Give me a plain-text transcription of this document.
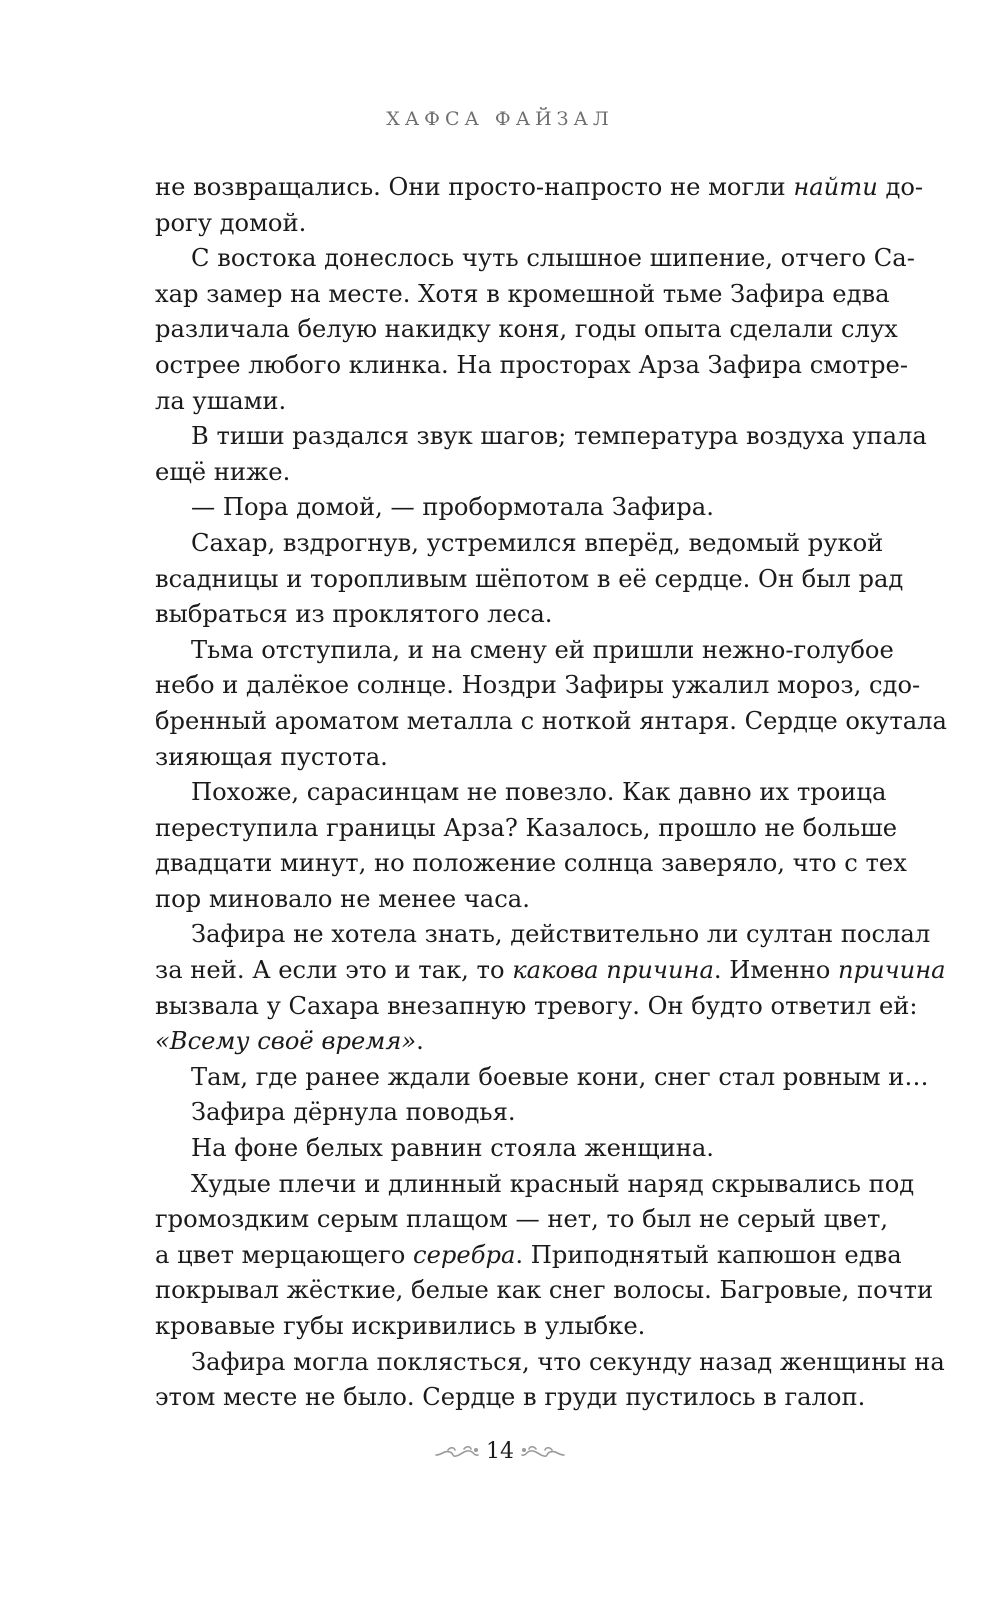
ХАФСА ФАЙЗАЛ
не возвращались. Они просто-напросто не могли найти до-
рогу домой.
С востока донеслось чуть слышное шипение, отчего Са-
хар замер на месте. Хотя в кромешной тьме Зафира едва
различала белую накидку коня, годы опыта сделали слух
острее любого клинка. На просторах Арза Зафира смотре-
ла ушами.
В тиши раздался звук шагов; температура воздуха упала
ещё ниже.
— Пора домой, — пробормотала Зафира.
Сахар, вздрогнув, устремился вперёд, ведомый рукой
всадницы и торопливым шёпотом в её сердце. Он был рад
выбраться из проклятого леса.
Тьма отступила, и на смену ей пришли нежно-голубое
небо и далёкое солнце. Ноздри Зафиры ужалил мороз, сдо-
бренный ароматом металла с ноткой янтаря. Сердце окутала
зияющая пустота.
Похоже, сарасинцам не повезло. Как давно их троица
переступила границы Арза? Казалось, прошло не больше
двадцати минут, но положение солнца заверяло, что с тех
пор миновало не менее часа.
Зафира не хотела знать, действительно ли султан послал
за ней. А если это и так, то какова причина. Именно причина
вызвала у Сахара внезапную тревогу. Он будто ответил ей:
«Всему своё время».
Там, где ранее ждали боевые кони, снег стал ровным и…
Зафира дёрнула поводья.
На фоне белых равнин стояла женщина.
Худые плечи и длинный красный наряд скрывались под
громоздким серым плащом — нет, то был не серый цвет,
а цвет мерцающего серебра. Приподнятый капюшон едва
покрывал жёсткие, белые как снег волосы. Багровые, почти
кровавые губы искривились в улыбке.
Зафира могла поклясться, что секунду назад женщины на
этом месте не было. Сердце в груди пустилось в галоп.
14
